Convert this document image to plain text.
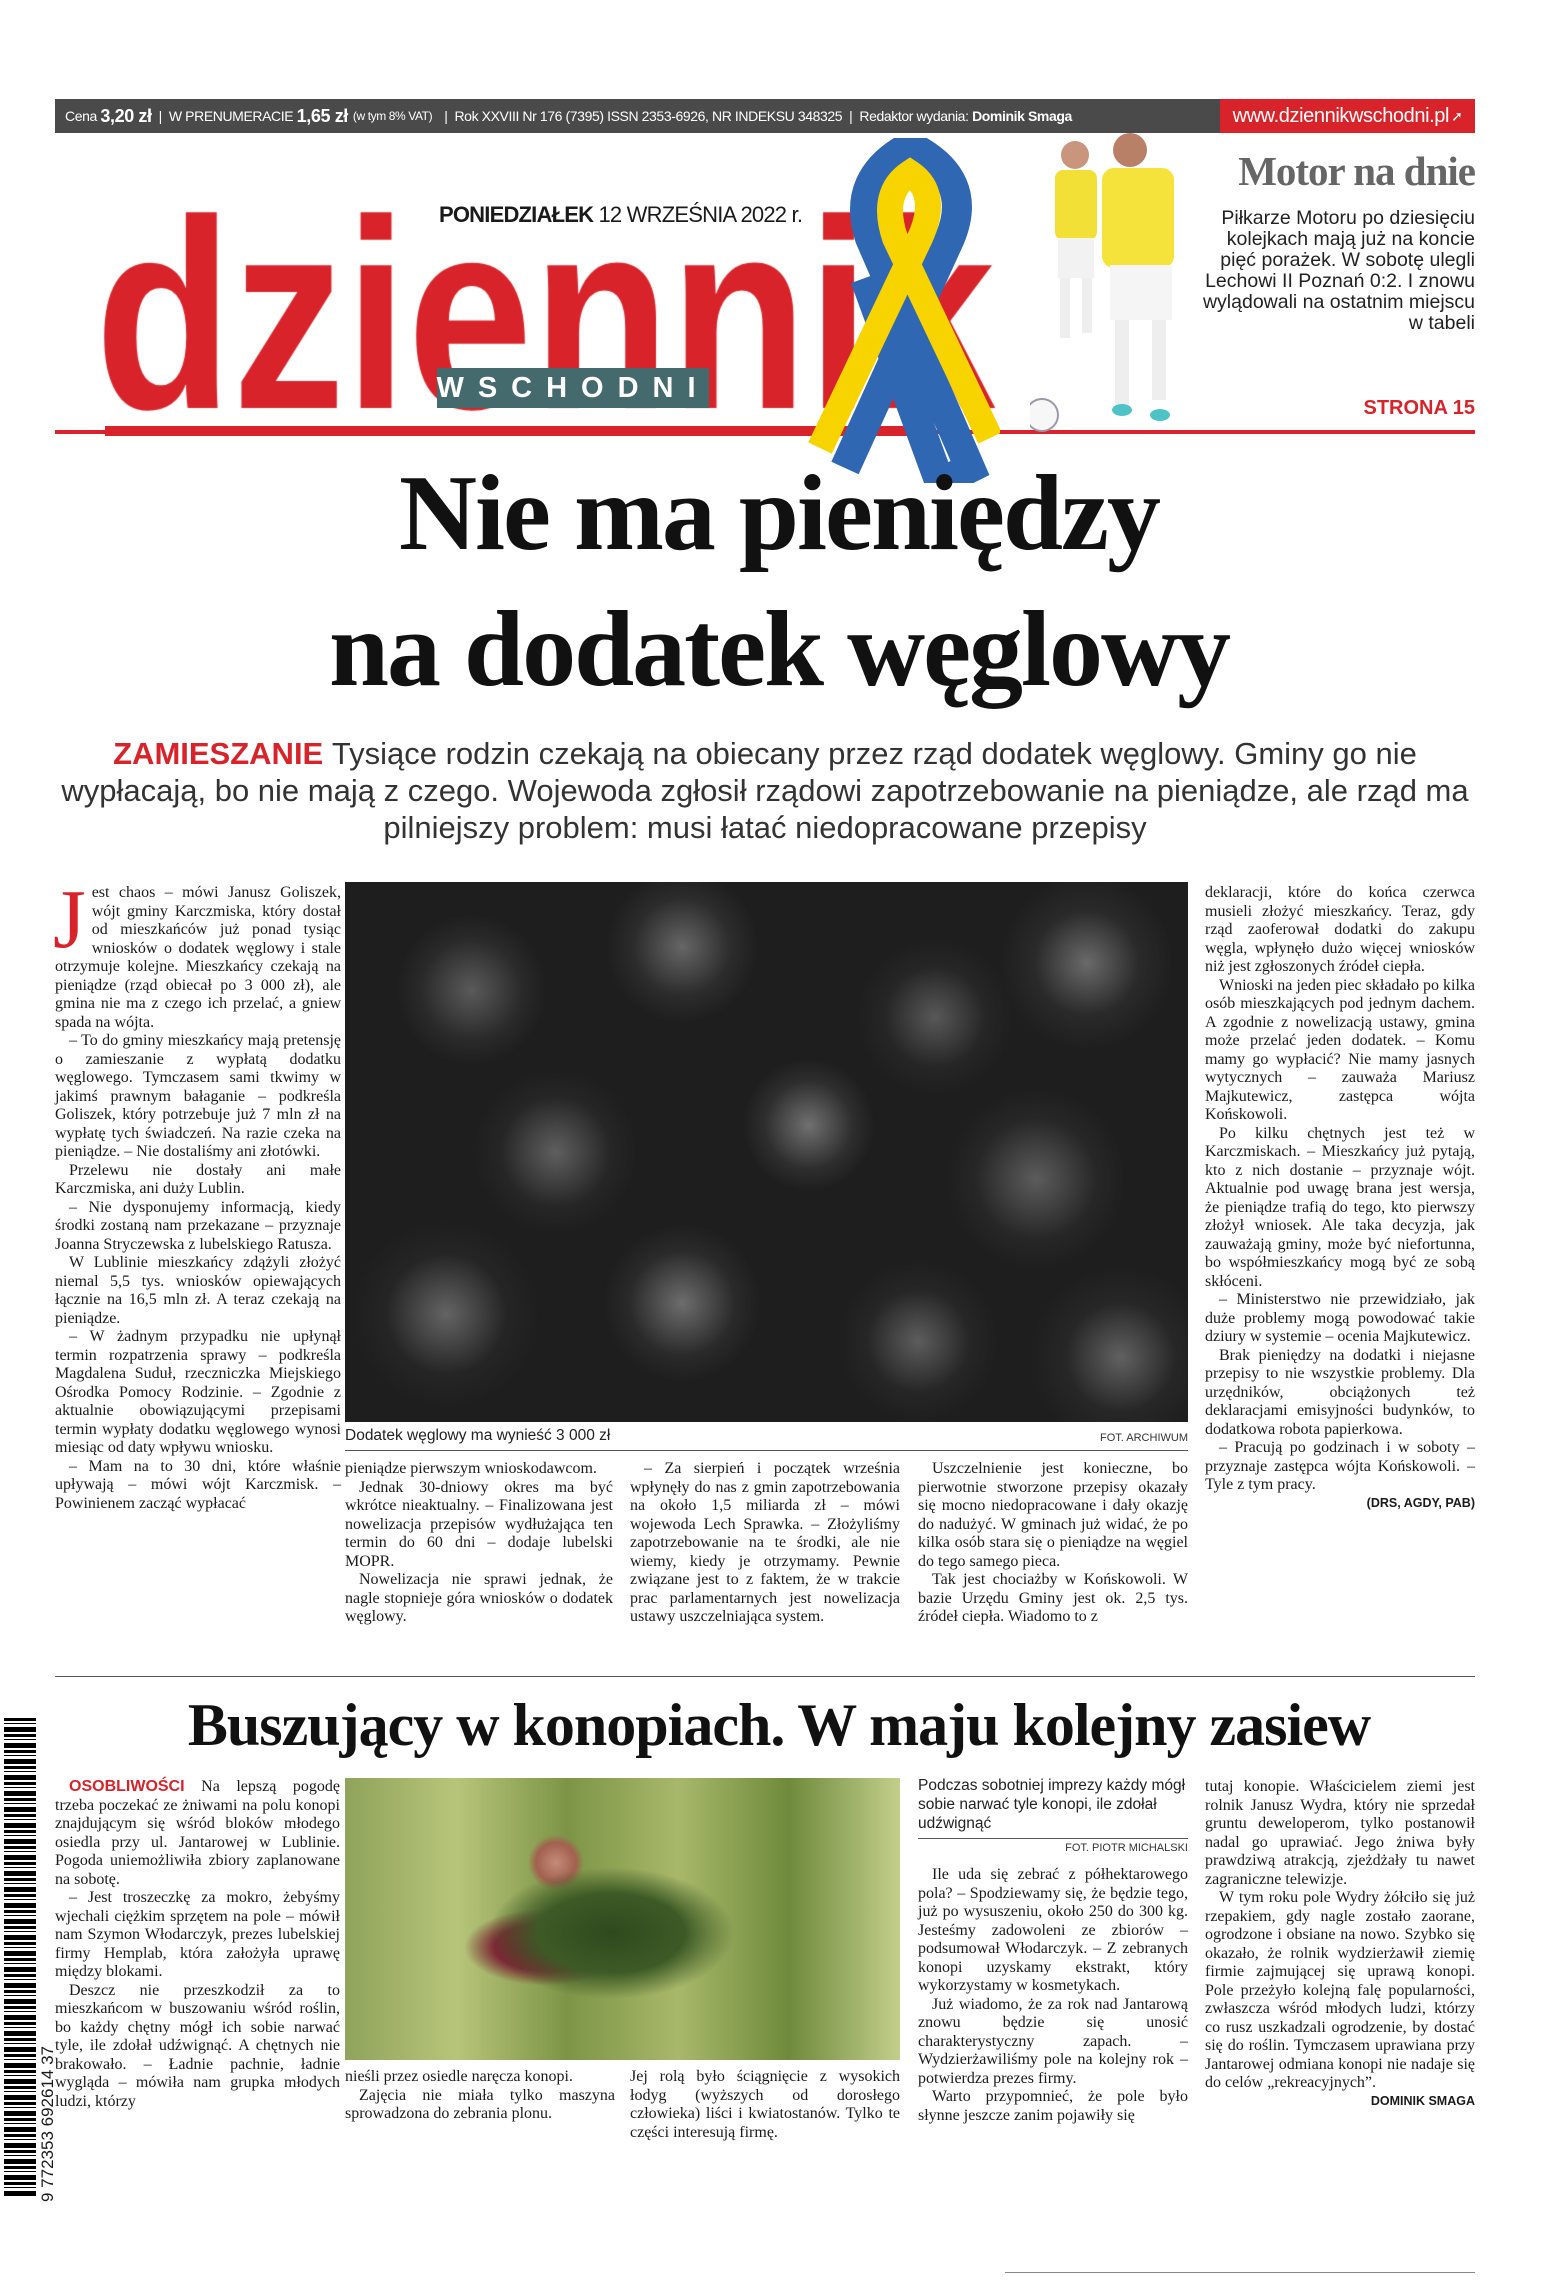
Cena
3,20 zł | W PRENUMERACIE
1,65 zł (w tym 8% VAT) | Rok XXVIII Nr 176 (7395) ISSN 2353-6926, NR INDEKSU 348325 | Redaktor wydania:
Dominik Smaga	www.dziennikwschodni.pl ➚
PONIEDZIAŁEK 12 WRZEŚNIA 2022 r.
WSCHODNI
Motor na dnie
Piłkarze Motoru po dziesięciu kolejkach mają już na koncie pięć porażek. W sobotę ulegli Lechowi II Poznań 0:2. I znowu wylądowali na ostatnim miejscu w tabeli
STRONA 15
Nie ma pieniędzy
na dodatek węglowy
ZAMIESZANIE Tysiące rodzin czekają na obiecany przez rząd dodatek węglowy. Gminy go nie wypłacają, bo nie mają z czego. Wojewoda zgłosił rządowi zapotrzebowanie na pieniądze, ale rząd ma pilniejszy problem: musi łatać niedopracowane przepisy
J est chaos – mówi Janusz Goliszek, wójt gminy Karczmiska, który dostał od mieszkańców już ponad tysiąc wniosków o dodatek węglowy i stale otrzymuje kolejne. Mieszkańcy czekają na pieniądze (rząd obiecał po 3 000 zł), ale gmina nie ma z czego ich przelać, a gniew spada na wójta.

– To do gminy mieszkańcy mają pretensję o zamieszanie z wypłatą dodatku węglowego. Tymczasem sami tkwimy w jakimś prawnym bałaganie – podkreśla Goliszek, który potrzebuje już 7 mln zł na wypłatę tych świadczeń. Na razie czeka na pieniądze. – Nie dostaliśmy ani złotówki.

Przelewu nie dostały ani małe Karczmiska, ani duży Lublin.

– Nie dysponujemy informacją, kiedy środki zostaną nam przekazane – przyznaje Joanna Stryczewska z lubelskiego Ratusza.

W Lublinie mieszkańcy zdążyli złożyć niemal 5,5 tys. wniosków opiewających łącznie na 16,5 mln zł. A teraz czekają na pieniądze.

– W żadnym przypadku nie upłynął termin rozpatrzenia sprawy – podkreśla Magdalena Suduł, rzeczniczka Miejskiego Ośrodka Pomocy Rodzinie. – Zgodnie z aktualnie obowiązującymi przepisami termin wypłaty dodatku węglowego wynosi miesiąc od daty wpływu wniosku.

– Mam na to 30 dni, które właśnie upływają – mówi wójt Karczmisk. – Powinienem zacząć wypłacać

Dodatek węglowy ma wynieść 3 000 zł	FOT. ARCHIWUM

pieniądze pierwszym wnioskodawcom.

Jednak 30-dniowy okres ma być wkrótce nieaktualny. – Finalizowana jest nowelizacja przepisów wydłużająca ten termin do 60 dni – dodaje lubelski MOPR.

Nowelizacja nie sprawi jednak, że nagle stopnieje góra wniosków o dodatek węglowy.

– Za sierpień i początek września wpłynęły do nas z gmin zapotrzebowania na około 1,5 miliarda zł – mówi wojewoda Lech Sprawka. – Złożyliśmy zapotrzebowanie na te środki, ale nie wiemy, kiedy je otrzymamy. Pewnie związane jest to z faktem, że w trakcie prac parlamentarnych jest nowelizacja ustawy uszczelniająca system.

Uszczelnienie jest konieczne, bo pierwotnie stworzone przepisy okazały się mocno niedopracowane i dały okazję do nadużyć. W gminach już widać, że po kilka osób stara się o pieniądze na węgiel do tego samego pieca.

Tak jest chociażby w Końskowoli. W bazie Urzędu Gminy jest ok. 2,5 tys. źródeł ciepła. Wiadomo to z

deklaracji, które do końca czerwca musieli złożyć mieszkańcy. Teraz, gdy rząd zaoferował dodatki do zakupu węgla, wpłynęło dużo więcej wniosków niż jest zgłoszonych źródeł ciepła.

Wnioski na jeden piec składało po kilka osób mieszkających pod jednym dachem. A zgodnie z nowelizacją ustawy, gmina może przelać jeden dodatek. – Komu mamy go wypłacić? Nie mamy jasnych wytycznych – zauważa Mariusz Majkutewicz, zastępca wójta Końskowoli.

Po kilku chętnych jest też w Karczmiskach. – Mieszkańcy już pytają, kto z nich dostanie – przyznaje wójt. Aktualnie pod uwagę brana jest wersja, że pieniądze trafią do tego, kto pierwszy złożył wniosek. Ale taka decyzja, jak zauważają gminy, może być niefortunna, bo współmieszkańcy mogą być ze sobą skłóceni.

– Ministerstwo nie przewidziało, jak duże problemy mogą powodować takie dziury w systemie – ocenia Majkutewicz.

Brak pieniędzy na dodatki i niejasne przepisy to nie wszystkie problemy. Dla urzędników, obciążonych też deklaracjami emisyjności budynków, to dodatkowa robota papierkowa.

– Pracują po godzinach i w soboty – przyznaje zastępca wójta Końskowoli. – Tyle z tym pracy.

(DRS, AGDY, PAB)
Buszujący w konopiach. W maju kolejny zasiew

OSOBLIWOŚCI Na lepszą pogodę trzeba poczekać ze żniwami na polu konopi znajdującym się wśród bloków młodego osiedla przy ul. Jantarowej w Lublinie. Pogoda uniemożliwiła zbiory zaplanowane na sobotę.

– Jest troszeczkę za mokro, żebyśmy wjechali ciężkim sprzętem na pole – mówił nam Szymon Włodarczyk, prezes lubelskiej firmy Hemplab, która założyła uprawę między blokami.

Deszcz nie przeszkodził za to mieszkańcom w buszowaniu wśród roślin, bo każdy chętny mógł ich sobie narwać tyle, ile zdołał udźwignąć. A chętnych nie brakowało. – Ładnie pachnie, ładnie wygląda – mówiła nam grupka młodych ludzi, którzy

nieśli przez osiedle naręcza konopi.

Zajęcia nie miała tylko maszyna sprowadzona do zebrania plonu.

Jej rolą było ściągnięcie z wysokich łodyg (wyższych od dorosłego człowieka) liści i kwiatostanów. Tylko te części interesują firmę.

Podczas sobotniej imprezy każdy mógł sobie narwać tyle konopi, ile zdołał udźwignąć
FOT. PIOTR MICHALSKI

Ile uda się zebrać z półhektarowego pola? – Spodziewamy się, że będzie tego, już po wysuszeniu, około 250 do 300 kg. Jesteśmy zadowoleni ze zbiorów – podsumował Włodarczyk. – Z zebranych konopi uzyskamy ekstrakt, który wykorzystamy w kosmetykach.

Już wiadomo, że za rok nad Jantarową znowu będzie się unosić charakterystyczny zapach. – Wydzierżawiliśmy pole na kolejny rok – potwierdza prezes firmy.

Warto przypomnieć, że pole było słynne jeszcze zanim pojawiły się

tutaj konopie. Właścicielem ziemi jest rolnik Janusz Wydra, który nie sprzedał gruntu deweloperom, tylko postanowił nadal go uprawiać. Jego żniwa były prawdziwą atrakcją, zjeżdżały tu nawet zagraniczne telewizje.

W tym roku pole Wydry żółciło się już rzepakiem, gdy nagle zostało zaorane, ogrodzone i obsiane na nowo. Szybko się okazało, że rolnik wydzierżawił ziemię firmie zajmującej się uprawą konopi. Pole przeżyło kolejną falę popularności, zwłaszcza wśród młodych ludzi, którzy co rusz uszkadzali ogrodzenie, by dostać się do roślin. Tymczasem uprawiana przy Jantarowej odmiana konopi nie nadaje się do celów „rekreacyjnych”.

DOMINIK SMAGA
9 772353 692614 37
